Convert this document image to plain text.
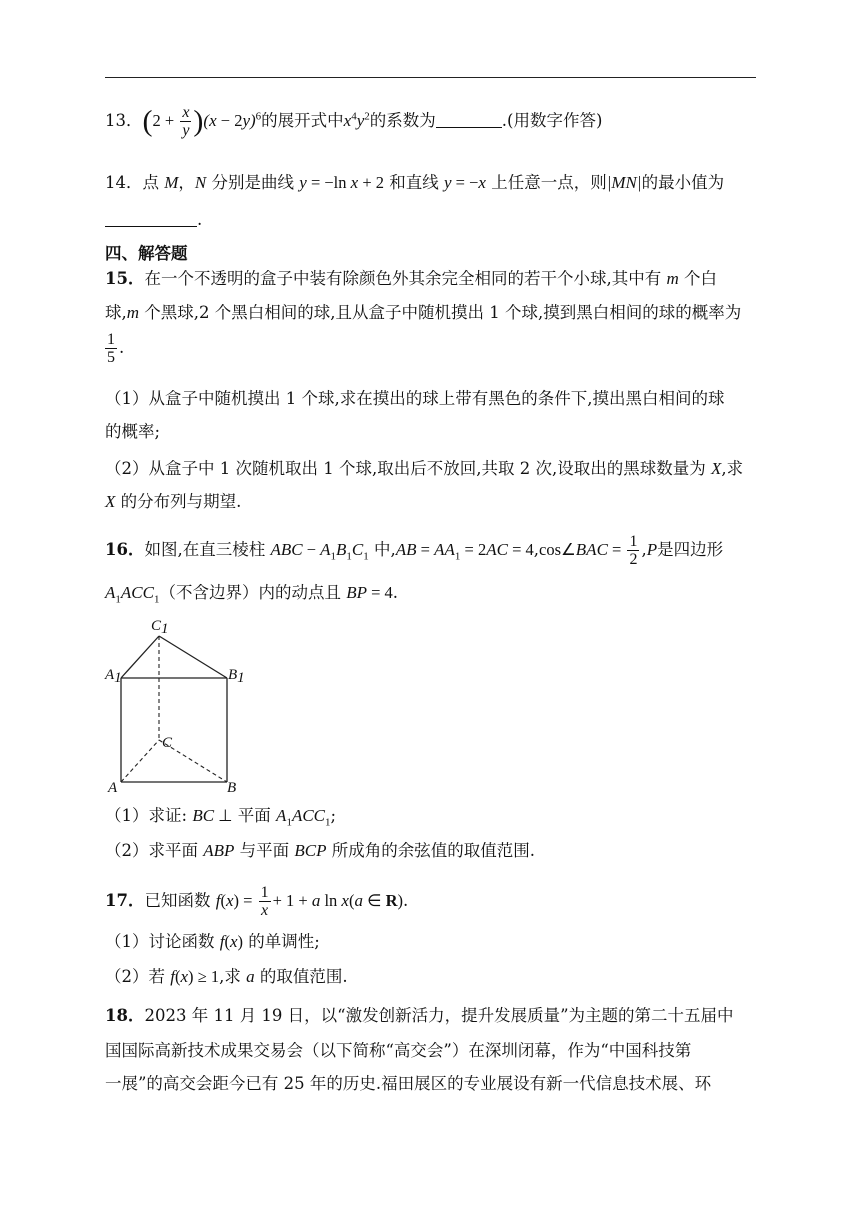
13．$(2 + \frac{x}{y} )(x - 2y)^6$的展开式中$x^4y^2$的系数为	.(用数字作答)
14．点 M，N 分别是曲线 y = −ln x + 2 和直线 y = −x 上任意一点，则|MN|的最小值为
.
四、解答题
15．在一个不透明的盒子中装有除颜色外其余完全相同的若干个小球,其中有 m 个白
球,m 个黑球,2 个黑白相间的球,且从盒子中随机摸出 1 个球,摸到黑白相间的球的概率为
$\frac{1}{5}$ .
（1）从盒子中随机摸出 1 个球,求在摸出的球上带有黑色的条件下,摸出黑白相间的球
的概率;
（2）从盒子中 1 次随机取出 1 个球,取出后不放回,共取 2 次,设取出的黑球数量为 X,求
X 的分布列与期望.
16．如图,在直三棱柱 ABC − $A_1B_1C_1$ 中$,AB = AA_1 = 2AC$ = 4,cos∠BAC = $\frac{1}{2} ,P$是四边形
$A_1ACC_1$（不含边界）内的动点且 BP = 4.
C1
A1	B1
C
A	B
（1）求证: BC ⊥ 平面 $A_1ACC_1$;
（2）求平面 ABP 与平面 BCP 所成角的余弦值的取值范围.
17．已知函数 $f(x) = \frac{1}{x} + 1 + a$ ln x(a ∈ R).
（1）讨论函数 f(x) 的单调性;
（2）若 f(x) ≥ 1,求 a 的取值范围.
18．2023 年 11 月 19 日，以“激发创新活力，提升发展质量”为主题的第二十五届中
国国际高新技术成果交易会（以下简称“高交会”）在深圳闭幕，作为“中国科技第
一展”的高交会距今已有 25 年的历史.福田展区的专业展设有新一代信息技术展、环
